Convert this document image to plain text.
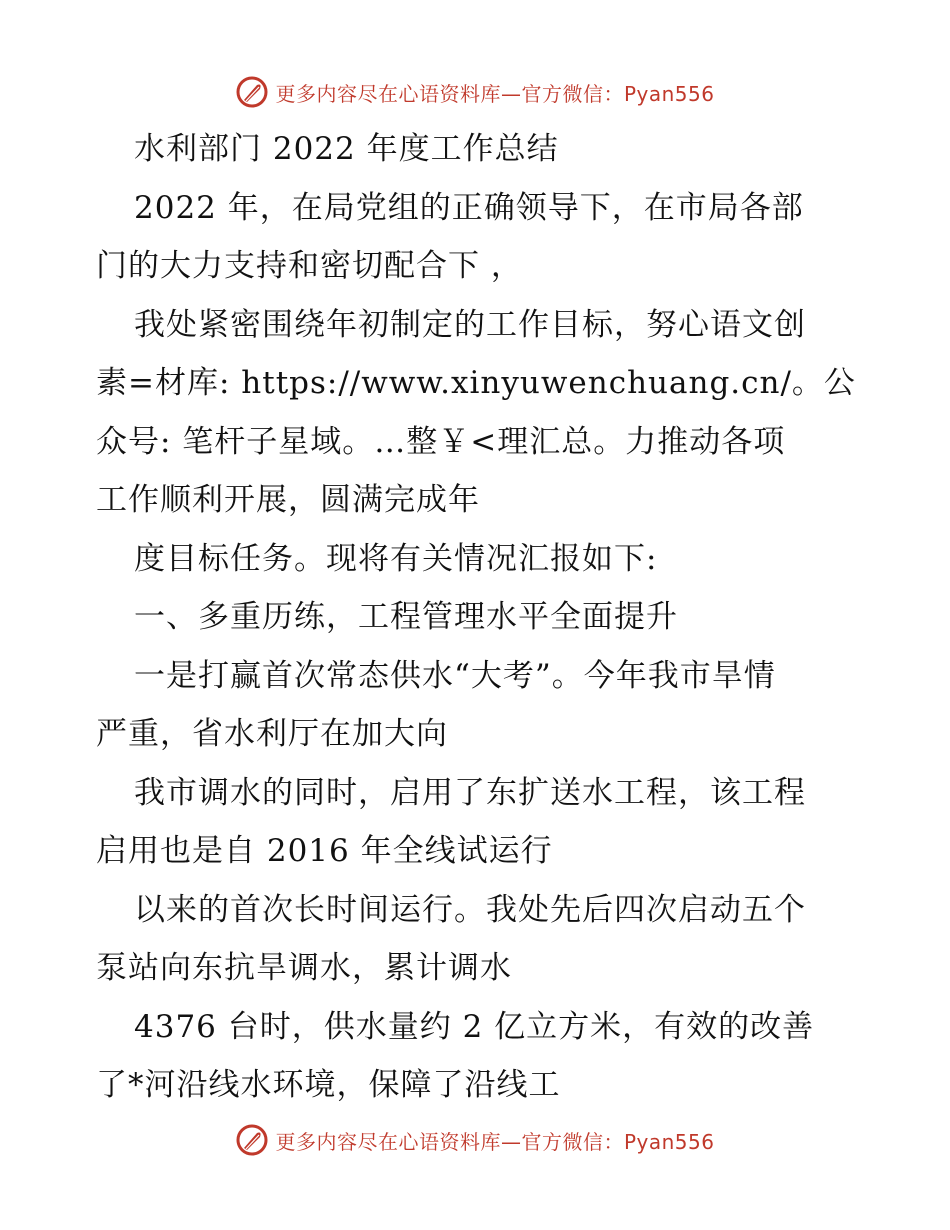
更多内容尽在心语资料库—官方微信：Pyan556
水利部门 2022 年度工作总结
2022 年，在局党组的正确领导下，在市局各部
门的大力支持和密切配合下 ，
我处紧密围绕年初制定的工作目标，努心语文创
素=材库: https://www.xinyuwenchuang.cn/。公
众号: 笔杆子星域。…整￥<理汇总。力推动各项
工作顺利开展，圆满完成年
度目标任务。现将有关情况汇报如下:
一、多重历练，工程管理水平全面提升
一是打赢首次常态供水“大考”。今年我市旱情
严重，省水利厅在加大向
我市调水的同时，启用了东扩送水工程，该工程
启用也是自 2016 年全线试运行
以来的首次长时间运行。我处先后四次启动五个
泵站向东抗旱调水，累计调水
4376 台时，供水量约 2 亿立方米，有效的改善
了*河沿线水环境，保障了沿线工
更多内容尽在心语资料库—官方微信：Pyan556
